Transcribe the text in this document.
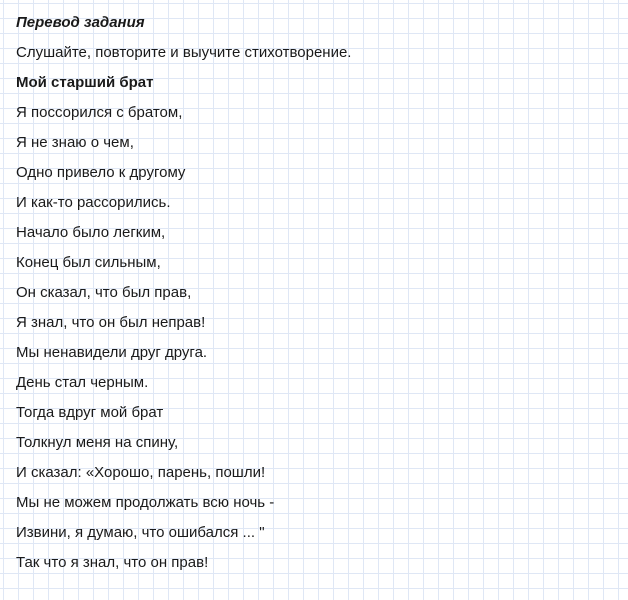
Перевод задания
Слушайте, повторите и выучите стихотворение.
Мой старший брат
Я поссорился с братом,
Я не знаю о чем,
Одно привело к другому
И как-то рассорились.
Начало было легким,
Конец был сильным,
Он сказал, что был прав,
Я знал, что он был неправ!
Мы ненавидели друг друга.
День стал черным.
Тогда вдруг мой брат
Толкнул меня на спину,
И сказал: «Хорошо, парень, пошли!
Мы не можем продолжать всю ночь -
Извини, я думаю, что ошибался ... "
Так что я знал, что он прав!
